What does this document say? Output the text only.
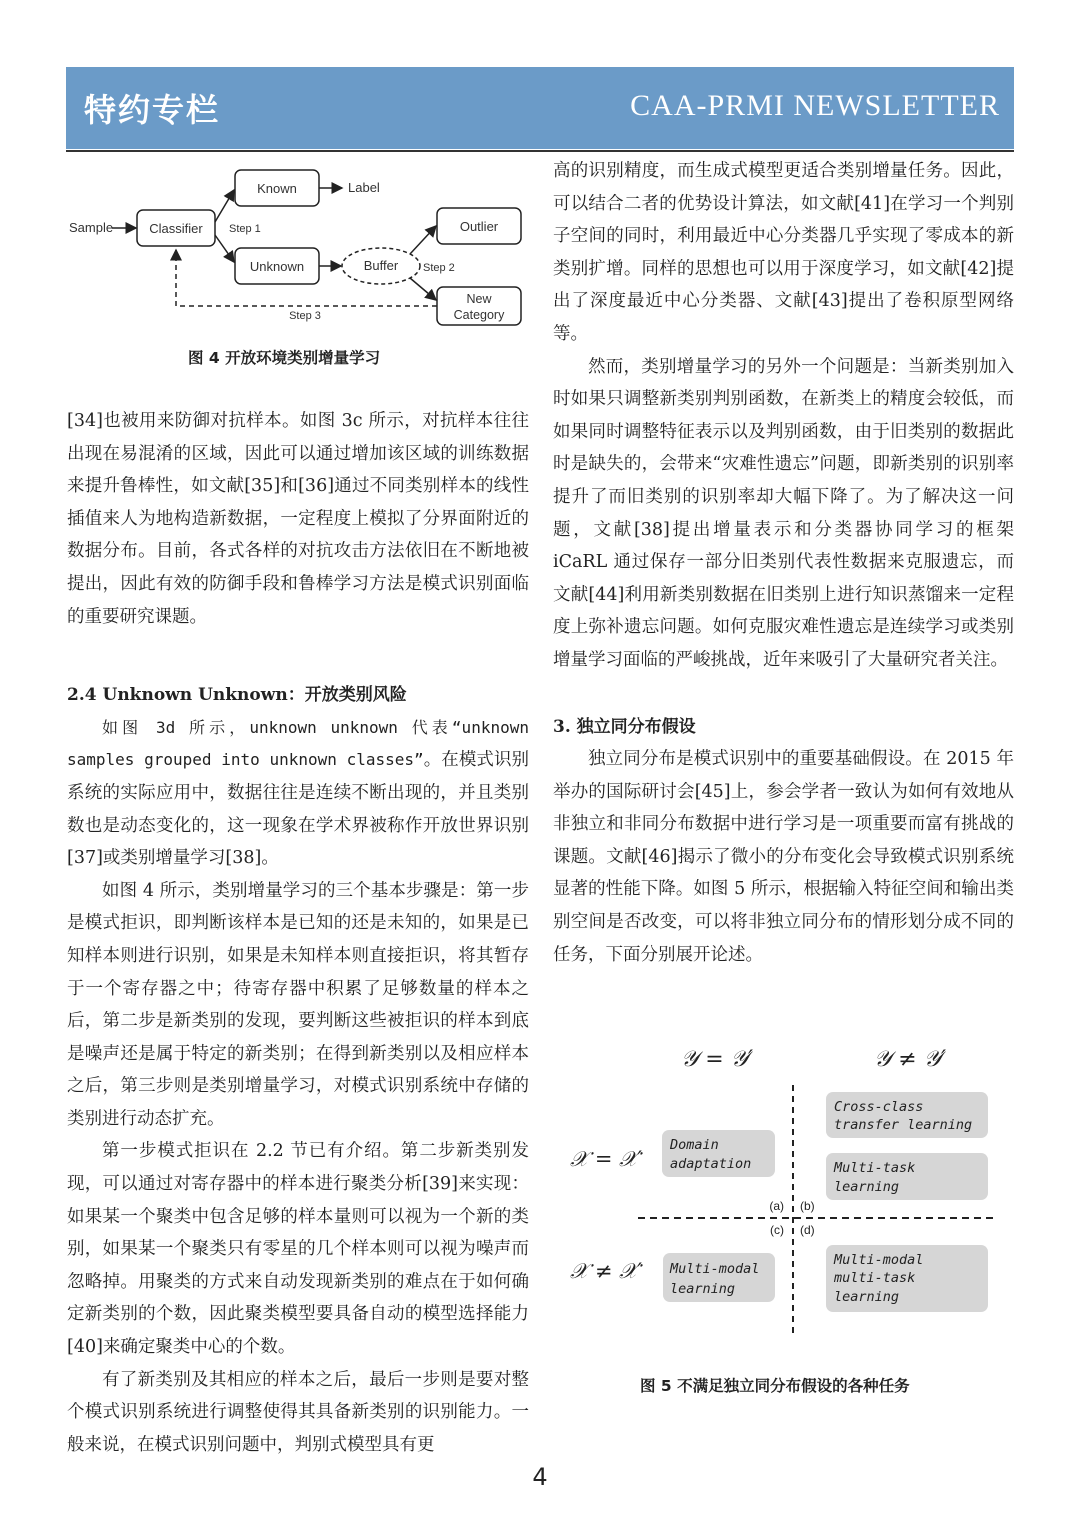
特约专栏	CAA-PRMI NEWSLETTER
Sample	Classifier Step 1
Known	Label
Unknown	Buffer Step 2
Outlier
New
Category
Step 3
图 4 开放环境类别增量学习

[34]也被用来防御对抗样本。如图 3c 所示，对抗样本往往出现在易混淆的区域，因此可以通过增加该区域的训练数据来提升鲁棒性，如文献[35]和[36]通过不同类别样本的线性插值来人为地构造新数据，一定程度上模拟了分界面附近的数据分布。目前，各式各样的对抗攻击方法依旧在不断地被提出，因此有效的防御手段和鲁棒学习方法是模式识别面临的重要研究课题。

2.4 Unknown Unknown：开放类别风险

如图 3d 所示，unknown unknown 代表“unknown samples grouped into unknown classes”。在模式识别系统的实际应用中，数据往往是连续不断出现的，并且类别数也是动态变化的，这一现象在学术界被称作开放世界识别[37]或类别增量学习[38]。

如图 4 所示，类别增量学习的三个基本步骤是：第一步是模式拒识，即判断该样本是已知的还是未知的，如果是已知样本则进行识别，如果是未知样本则直接拒识，将其暂存于一个寄存器之中；待寄存器中积累了足够数量的样本之后，第二步是新类别的发现，要判断这些被拒识的样本到底是噪声还是属于特定的新类别；在得到新类别以及相应样本之后，第三步则是类别增量学习，对模式识别系统中存储的类别进行动态扩充。

第一步模式拒识在 2.2 节已有介绍。第二步新类别发现，可以通过对寄存器中的样本进行聚类分析[39]来实现：如果某一个聚类中包含足够的样本量则可以视为一个新的类别，如果某一个聚类只有零星的几个样本则可以视为噪声而忽略掉。用聚类的方式来自动发现新类别的难点在于如何确定新类别的个数，因此聚类模型要具备自动的模型选择能力[40]来确定聚类中心的个数。

有了新类别及其相应的样本之后，最后一步则是要对整个模式识别系统进行调整使得其具备新类别的识别能力。一般来说，在模式识别问题中，判别式模型具有更

高的识别精度，而生成式模型更适合类别增量任务。因此，可以结合二者的优势设计算法，如文献[41]在学习一个判别子空间的同时，利用最近中心分类器几乎实现了零成本的新类别扩增。同样的思想也可以用于深度学习，如文献[42]提出了深度最近中心分类器、文献[43]提出了卷积原型网络等。

然而，类别增量学习的另外一个问题是：当新类别加入时如果只调整新类别判别函数，在新类上的精度会较低，而如果同时调整特征表示以及判别函数，由于旧类别的数据此时是缺失的，会带来“灾难性遗忘”问题，即新类别的识别率提升了而旧类别的识别率却大幅下降了。为了解决这一问题，文献[38]提出增量表示和分类器协同学习的框架 iCaRL 通过保存一部分旧类别代表性数据来克服遗忘，而文献[44]利用新类别数据在旧类别上进行知识蒸馏来一定程度上弥补遗忘问题。如何克服灾难性遗忘是连续学习或类别增量学习面临的严峻挑战，近年来吸引了大量研究者关注。

3. 独立同分布假设

独立同分布是模式识别中的重要基础假设。在 2015 年举办的国际研讨会[45]上，参会学者一致认为如何有效地从非独立和非同分布数据中进行学习是一项重要而富有挑战的课题。文献[46]揭示了微小的分布变化会导致模式识别系统显著的性能下降。如图 5 所示，根据输入特征空间和输出类别空间是否改变，可以将非独立同分布的情形划分成不同的任务，下面分别展开论述。

𝒴 = 𝒴′	𝒴 ≠ 𝒴′
𝒳 = 𝒳′
𝒳 ≠ 𝒳′
(a) (b)
(c) (d)
Domain
adaptation
Cross-class
transfer learning
Multi-task
learning
Multi-modal
learning
Multi-modal
multi-task
learning
图 5 不满足独立同分布假设的各种任务
4
